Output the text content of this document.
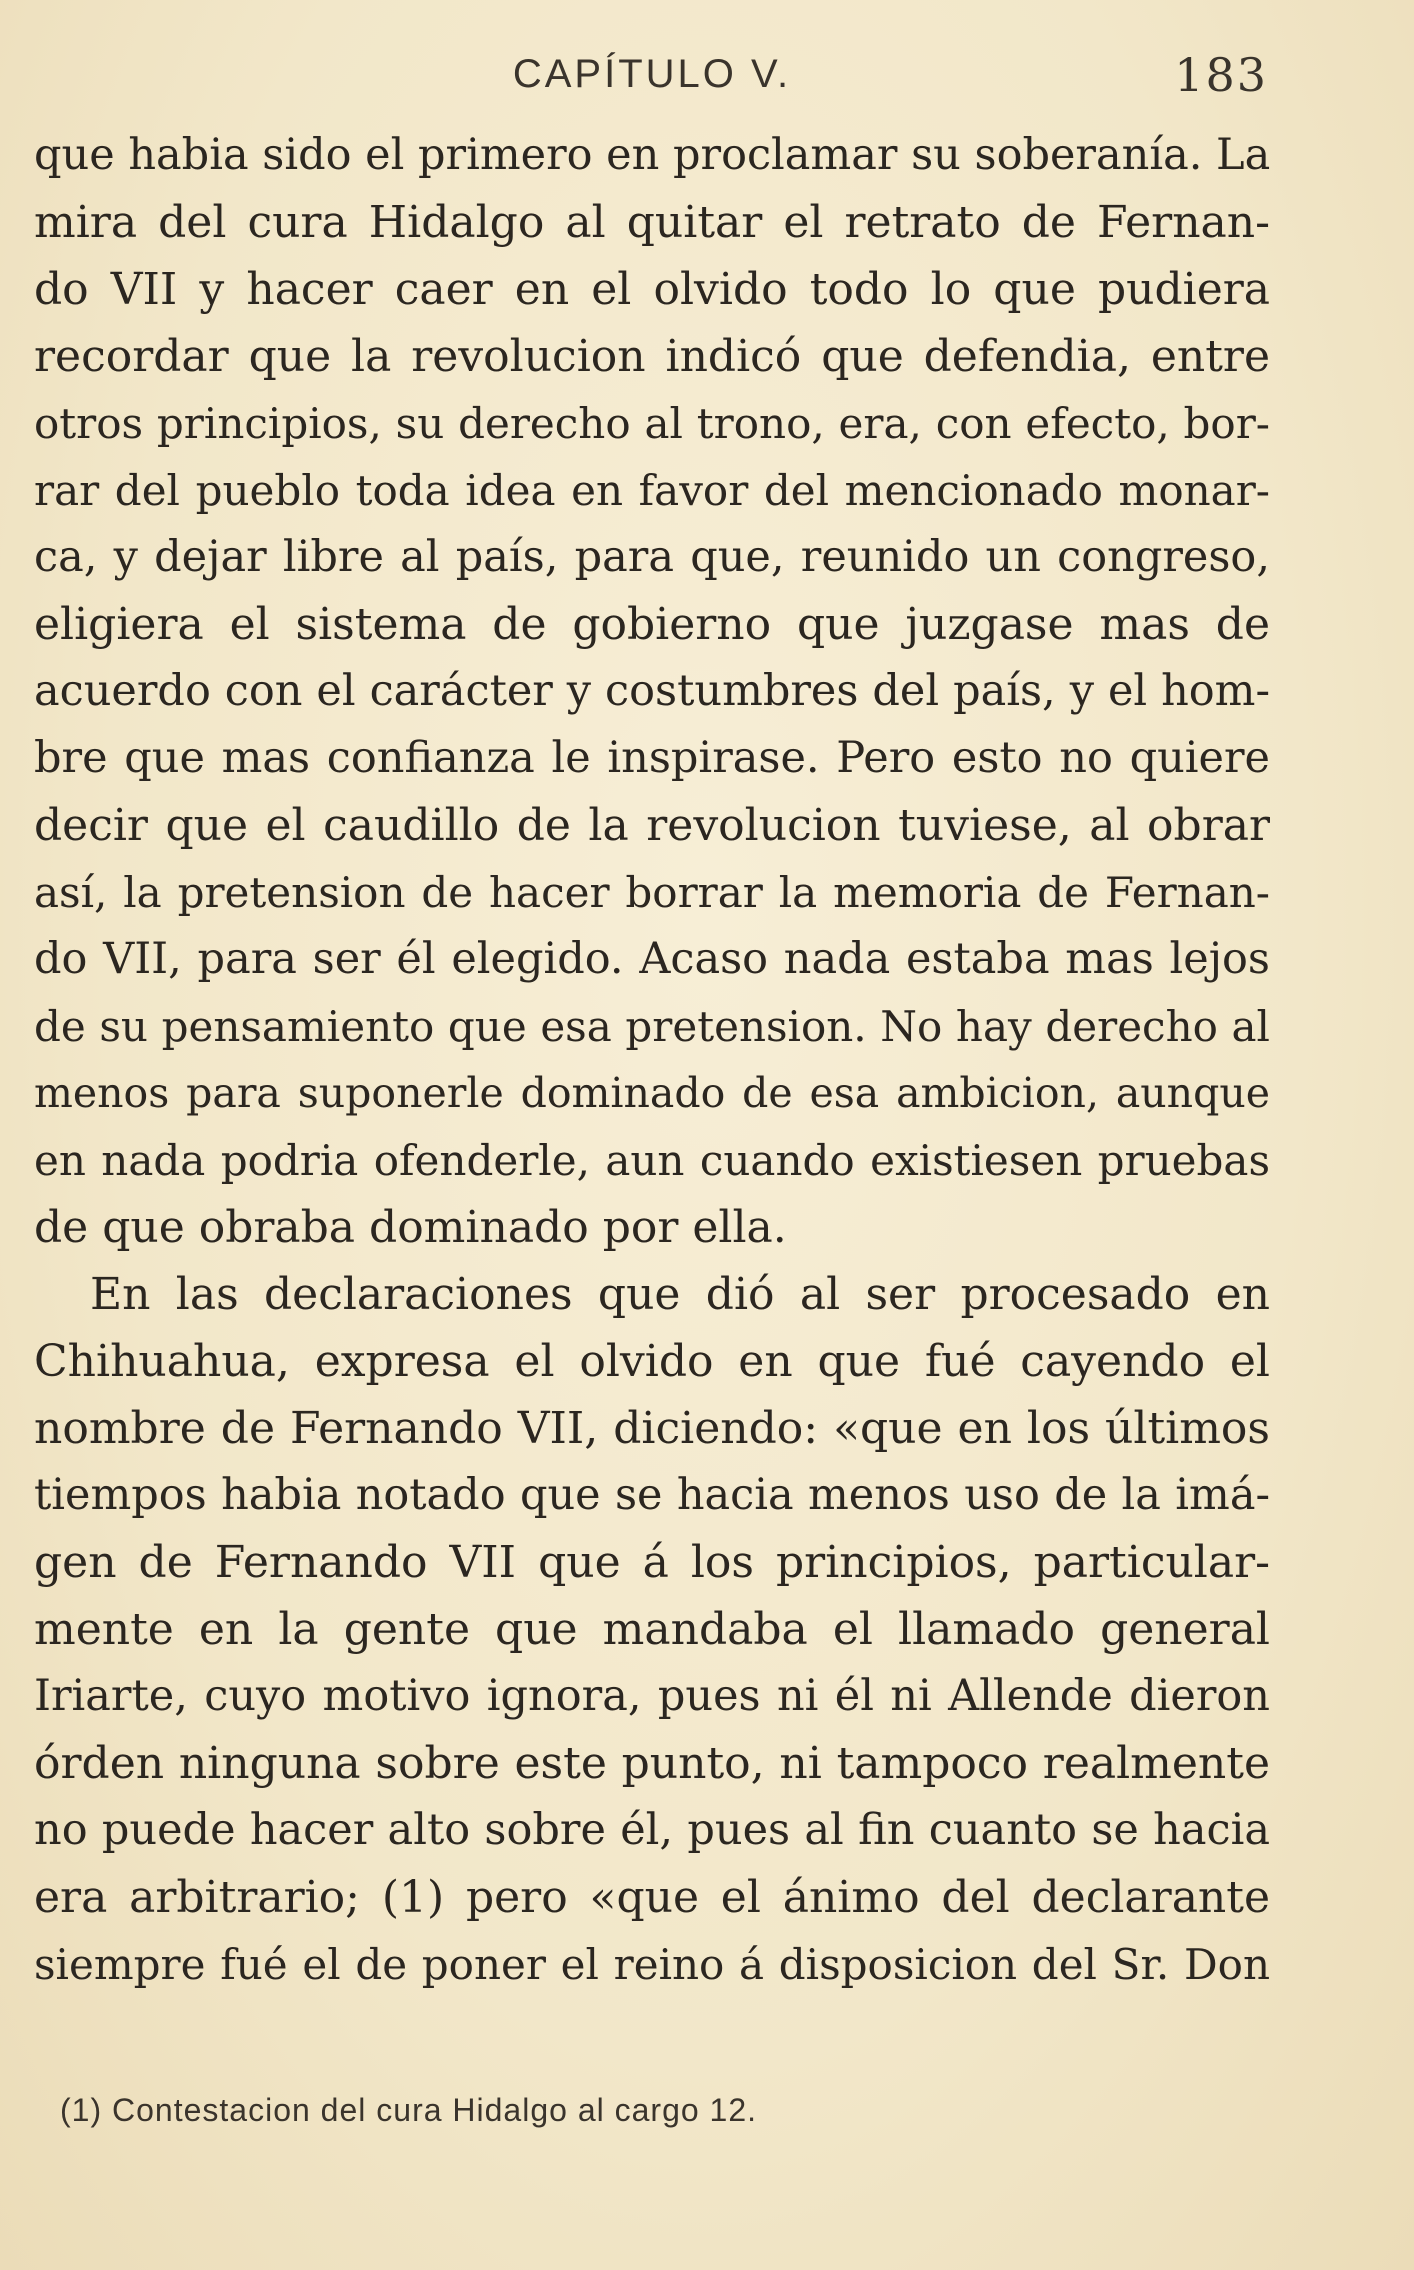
CAPÍTULO V.	183
que habia sido el primero en proclamar su soberanía. La
mira del cura Hidalgo al quitar el retrato de Fernan-
do VII y hacer caer en el olvido todo lo que pudiera
recordar que la revolucion indicó que defendia, entre
otros principios, su derecho al trono, era, con efecto, bor-
rar del pueblo toda idea en favor del mencionado monar-
ca, y dejar libre al país, para que, reunido un congreso,
eligiera el sistema de gobierno que juzgase mas de
acuerdo con el carácter y costumbres del país, y el hom-
bre que mas confianza le inspirase. Pero esto no quiere
decir que el caudillo de la revolucion tuviese, al obrar
así, la pretension de hacer borrar la memoria de Fernan-
do VII, para ser él elegido. Acaso nada estaba mas lejos
de su pensamiento que esa pretension. No hay derecho al
menos para suponerle dominado de esa ambicion, aunque
en nada podria ofenderle, aun cuando existiesen pruebas
de que obraba dominado por ella.
En las declaraciones que dió al ser procesado en
Chihuahua, expresa el olvido en que fué cayendo el
nombre de Fernando VII, diciendo: «que en los últimos
tiempos habia notado que se hacia menos uso de la imá-
gen de Fernando VII que á los principios, particular-
mente en la gente que mandaba el llamado general
Iriarte, cuyo motivo ignora, pues ni él ni Allende dieron
órden ninguna sobre este punto, ni tampoco realmente
no puede hacer alto sobre él, pues al fin cuanto se hacia
era arbitrario; (1) pero «que el ánimo del declarante
siempre fué el de poner el reino á disposicion del Sr. Don
(1) Contestacion del cura Hidalgo al cargo 12.
